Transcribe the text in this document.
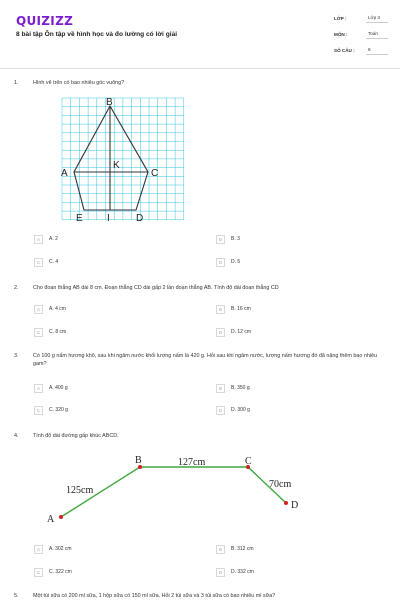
QUIZIZZ
8 bài tập Ôn tập về hình học và đo lường có lời giải
LỚP :	Lớp 3
MÔN :	Toán
SỐ CÂU :	8
1.	Hình vẽ trên có bao nhiêu góc vuông?
B
K
A	C
E I	D
A	A. 2	B	B. 3
C	C. 4	D	D. 5
2.	Cho đoạn thẳng AB dài 8 cm. Đoạn thẳng CD dài gấp 2 lần đoạn thẳng AB. Tính độ dài đoạn thẳng CD
A	A. 4 cm	B	B. 16 cm
C	C. 8 cm	D	D. 12 cm
3.	Có 100 g nấm hương khô, sau khi ngâm nước khối lượng nấm là 420 g. Hỏi sau khi ngâm nước, lượng nấm hương đó đã nặng thêm bao nhiêu gam?
A	A. 400 g	B	B. 350 g
C	C. 320 g	D	D. 300 g
4.	Tính độ dài đường gấp khúc ABCD.
A
B	C
D
125cm
127cm
70cm
A	A. 302 cm	B	B. 312 cm
C	C. 322 cm	D	D. 332 cm
5.	Một túi sữa có 200 ml sữa, 1 hộp sữa có 150 ml sữa. Hỏi 2 túi sữa và 3 túi sữa có bao nhiêu ml sữa?
